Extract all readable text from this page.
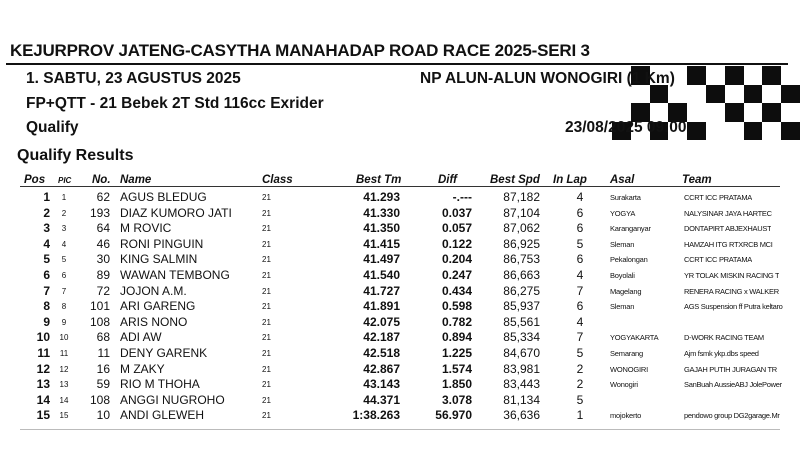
KEJURPROV JATENG-CASYTHA MANAHADAP ROAD RACE 2025-SERI 3
1. SABTU, 23 AGUSTUS 2025
FP+QTT - 21 Bebek 2T Std 116cc Exrider
Qualify
NP ALUN-ALUN WONOGIRI (1 Km)
23/08/2025 09:00
Qualify Results
Pos PIC No. Name	Class	Best Tm	Diff	Best Spd In Lap Asal	Team
1	1	62 AGUS BLEDUG	21	41.293	-.---	87,182	4	Surakarta	CCRT ICC PRATAMA
2	2	193 DIAZ KUMORO JATI	21	41.330	0.037	87,104	6	YOGYA	NALYSINAR JAYA HARTEC
3	3	64 M ROVIC	21	41.350	0.057	87,062	6	Karanganyar	DONTAPIRT ABJEXHAUST
4	4	46 RONI PINGUIN	21	41.415	0.122	86,925	5	Sleman	HAMZAH ITG RTXRCB MCI
5	5	30 KING SALMIN	21	41.497	0.204	86,753	6	Pekalongan	CCRT ICC PRATAMA
6	6	89 WAWAN TEMBONG	21	41.540	0.247	86,663	4	Boyolali	YR TOLAK MISKIN RACING T
7	7	72 JOJON A.M.	21	41.727	0.434	86,275	7	Magelang	RENERA RACING x WALKER
8	8	101 ARI GARENG	21	41.891	0.598	85,937	6	Sleman	AGS Suspension ff Putra keltaro
9	9	108 ARIS NONO	21	42.075	0.782	85,561	4
10 10	68 ADI AW	21	42.187	0.894	85,334	7	YOGYAKARTA	D-WORK RACING TEAM
11 11	11 DENY GARENK	21	42.518	1.225	84,670	5	Semarang	Ajm fsmk ykp.dbs speed
12 12	16 M ZAKY	21	42.867	1.574	83,981	2	WONOGIRI	GAJAH PUTIH JURAGAN TR
13 13	59 RIO M THOHA	21	43.143	1.850	83,443	2	Wonogiri	SanBuah AussieABJ JolePower
14 14	108 ANGGI NUGROHO	21	44.371	3.078	81,134	5
15 15	10 ANDI GLEWEH	21	1:38.263	56.970	36,636	1	mojokerto	pendowo group DG2garage.Mr
